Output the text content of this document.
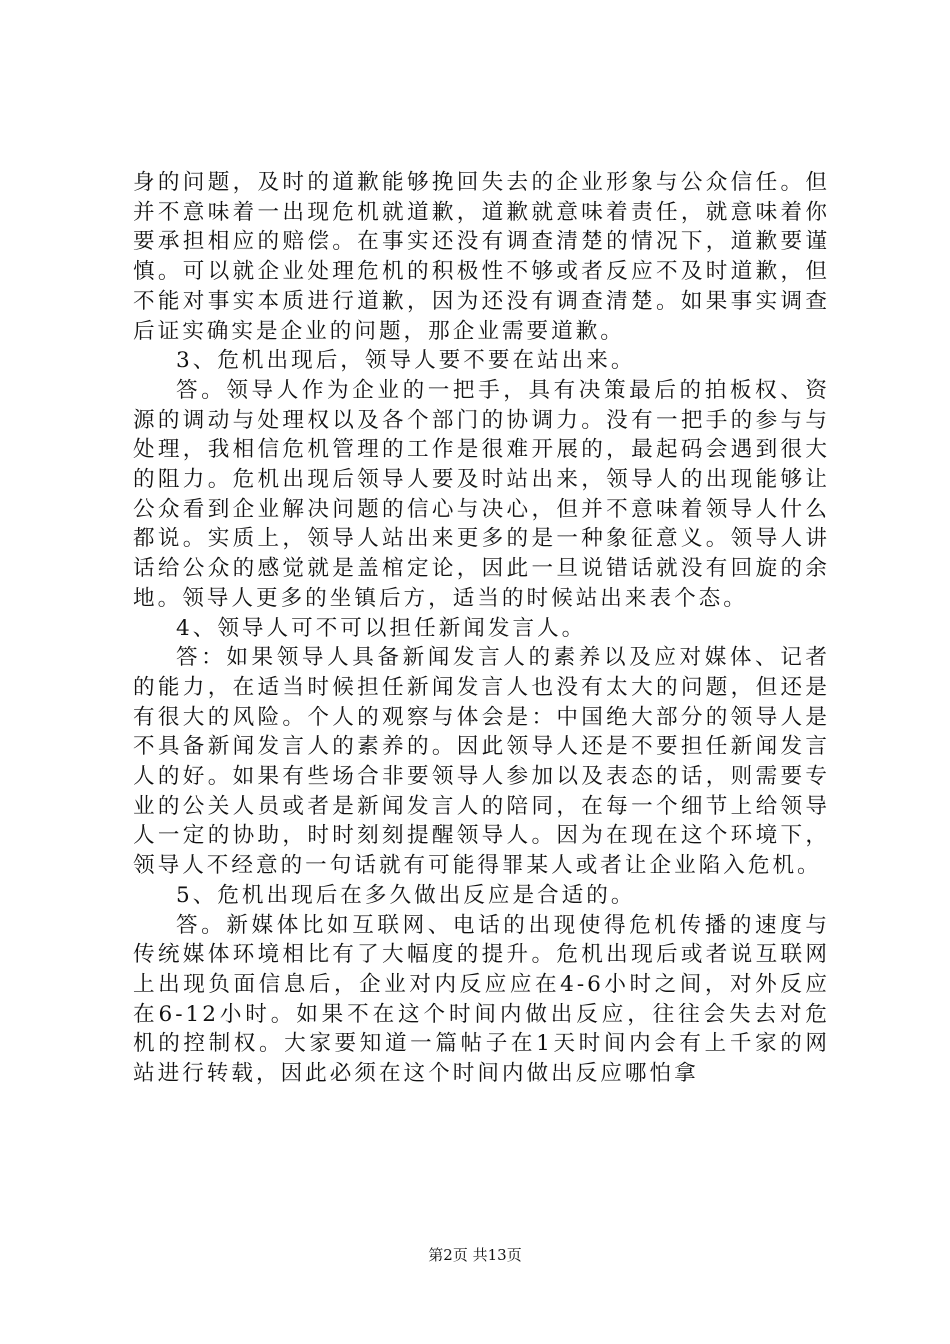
身的问题，及时的道歉能够挽回失去的企业形象与公众信任。但并不意味着一出现危机就道歉，道歉就意味着责任，就意味着你要承担相应的赔偿。在事实还没有调查清楚的情况下，道歉要谨慎。可以就企业处理危机的积极性不够或者反应不及时道歉，但不能对事实本质进行道歉，因为还没有调查清楚。如果事实调查后证实确实是企业的问题，那企业需要道歉。

3、危机出现后，领导人要不要在站出来。

答。领导人作为企业的一把手，具有决策最后的拍板权、资源的调动与处理权以及各个部门的协调力。没有一把手的参与与处理，我相信危机管理的工作是很难开展的，最起码会遇到很大的阻力。危机出现后领导人要及时站出来，领导人的出现能够让公众看到企业解决问题的信心与决心，但并不意味着领导人什么都说。实质上，领导人站出来更多的是一种象征意义。领导人讲话给公众的感觉就是盖棺定论，因此一旦说错话就没有回旋的余地。领导人更多的坐镇后方，适当的时候站出来表个态。

4、领导人可不可以担任新闻发言人。

答：如果领导人具备新闻发言人的素养以及应对媒体、记者的能力，在适当时候担任新闻发言人也没有太大的问题，但还是有很大的风险。个人的观察与体会是：中国绝大部分的领导人是不具备新闻发言人的素养的。因此领导人还是不要担任新闻发言人的好。如果有些场合非要领导人参加以及表态的话，则需要专业的公关人员或者是新闻发言人的陪同，在每一个细节上给领导人一定的协助，时时刻刻提醒领导人。因为在现在这个环境下，领导人不经意的一句话就有可能得罪某人或者让企业陷入危机。

5、危机出现后在多久做出反应是合适的。

答。新媒体比如互联网、电话的出现使得危机传播的速度与传统媒体环境相比有了大幅度的提升。危机出现后或者说互联网上出现负面信息后，企业对内反应应在4-6小时之间，对外反应在6-12小时。如果不在这个时间内做出反应，往往会失去对危机的控制权。大家要知道一篇帖子在1天时间内会有上千家的网站进行转载，因此必须在这个时间内做出反应哪怕拿

第2页 共13页
